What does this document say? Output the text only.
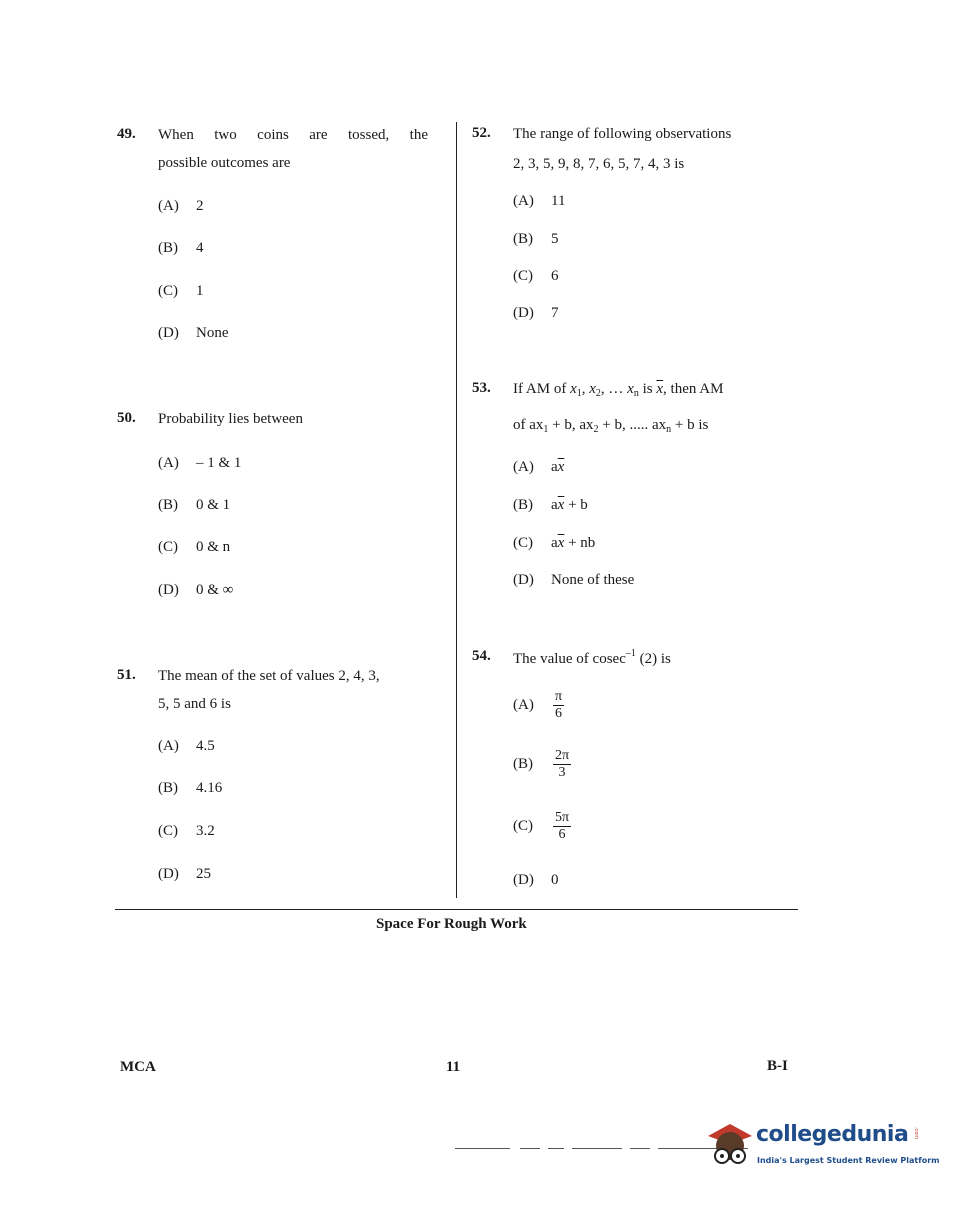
49. When two coins are tossed, the
possible outcomes are
(A) 2
(B) 4
(C) 1
(D) None
50. Probability lies between
(A) – 1 & 1
(B) 0 & 1
(C) 0 & n
(D) 0 & ∞
51. The mean of the set of values 2, 4, 3,
5, 5 and 6 is
(A) 4.5
(B) 4.16
(C) 3.2
(D) 25
52. The range of following observations
2, 3, 5, 9, 8, 7, 6, 5, 7, 4, 3 is
(A) 11
(B) 5
(C) 6
(D) 7
53. If AM of $x_1$, $x_2$, … $x_n$ is $\overline{x}$, then AM
of $ax_1 + b$, $ax_2 + b$, ..... $ax_n + b$ is
(A) $a\overline{x}$
(B) $a\overline{x} + b$
(C) $a\overline{x}$ + nb
(D) None of these
54. The value of cosec$^{-1}$ (2) is
$(A) \frac{\pi}{6}$
$(B) \frac{2\pi}{3}$
$(C) \frac{5\pi}{6}$
(D) 0
Space For Rough Work
MCA	11	B-I
collegedunia .com
India's Largest Student Review Platform
